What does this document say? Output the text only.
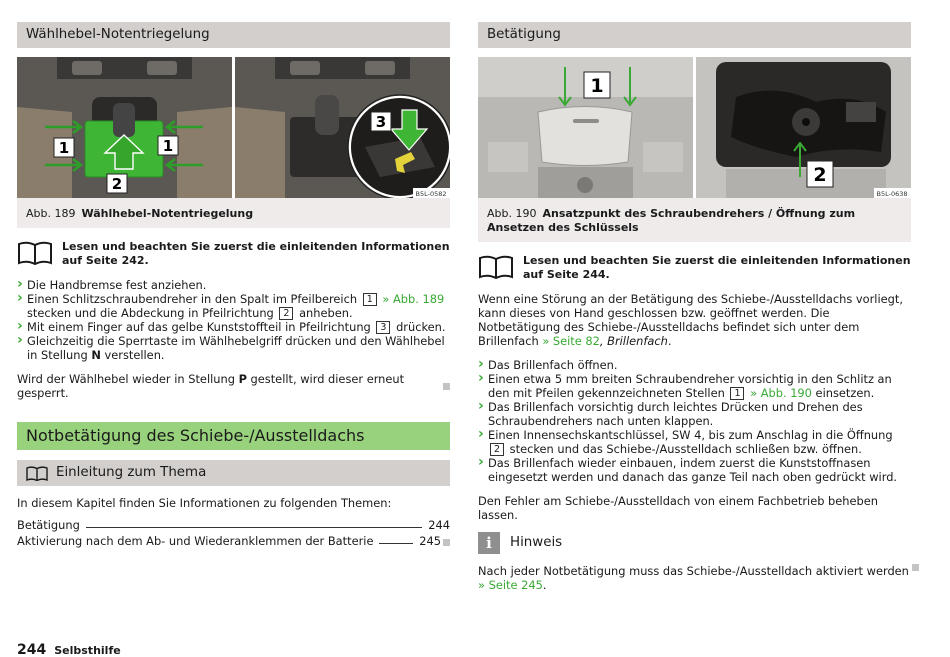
Wählhebel-Notentriegelung
1	1
2
3
B5L-0582
Abb. 189 Wählhebel-Notentriegelung
Lesen und beachten Sie zuerst die einleitenden Informationen auf Seite 242.
› Die Handbremse fest anziehen.
› Einen Schlitzschraubendreher in den Spalt im Pfeilbereich 1 » Abb. 189 stecken und die Abdeckung in Pfeilrichtung 2 anheben.
› Mit einem Finger auf das gelbe Kunststoffteil in Pfeilrichtung 3 drücken.
› Gleichzeitig die Sperrtaste im Wählhebelgriff drücken und den Wählhebel in Stellung N verstellen.

Wird der Wählhebel wieder in Stellung P gestellt, wird dieser erneut gesperrt.

Notbetätigung des Schiebe-/Ausstelldachs
Einleitung zum Thema

In diesem Kapitel finden Sie Informationen zu folgenden Themen:

Betätigung	244
Aktivierung nach dem Ab- und Wiederanklemmen der Batterie	245
Betätigung
1
2
B5L-0638
Abb. 190 Ansatzpunkt des Schraubendrehers / Öffnung zum Ansetzen des Schlüssels
Lesen und beachten Sie zuerst die einleitenden Informationen auf Seite 244.

Wenn eine Störung an der Betätigung des Schiebe-/Ausstelldachs vorliegt, kann dieses von Hand geschlossen bzw. geöffnet werden. Die Notbetätigung des Schiebe-/Ausstelldachs befindet sich unter dem Brillenfach » Seite 82, Brillenfach.

› Das Brillenfach öffnen.
› Einen etwa 5 mm breiten Schraubendreher vorsichtig in den Schlitz an den mit Pfeilen gekennzeichneten Stellen 1 » Abb. 190 einsetzen.
› Das Brillenfach vorsichtig durch leichtes Drücken und Drehen des Schraubendrehers nach unten klappen.
› Einen Innensechskantschlüssel, SW 4, bis zum Anschlag in die Öffnung 2 stecken und das Schiebe-/Ausstelldach schließen bzw. öffnen.
› Das Brillenfach wieder einbauen, indem zuerst die Kunststoffnasen eingesetzt werden und danach das ganze Teil nach oben gedrückt wird.

Den Fehler am Schiebe-/Ausstelldach von einem Fachbetrieb beheben lassen.

i	Hinweis

Nach jeder Notbetätigung muss das Schiebe-/Ausstelldach aktiviert werden » Seite 245.

244 Selbsthilfe
